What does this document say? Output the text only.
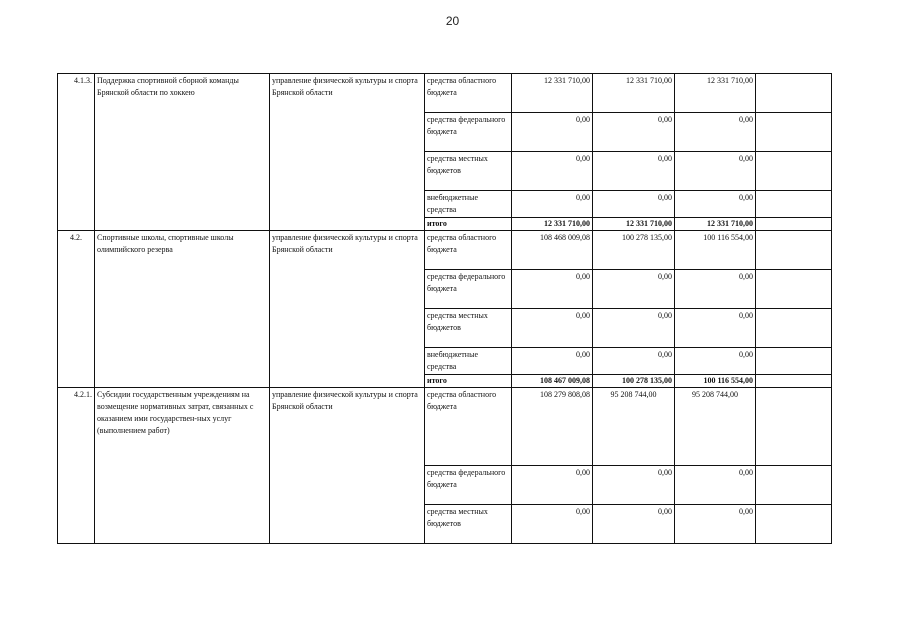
20
4.1.3.	Поддержка спортивной сборной команды Брянской области по хоккею	управление физической культуры и спорта Брянской области	средства областного бюджета	12 331 710,00	12 331 710,00	12 331 710,00	
			средства федерального бюджета	0,00	0,00	0,00	
			средства местных бюджетов	0,00	0,00	0,00	
			внебюджетные средства	0,00	0,00	0,00	
			итого	12 331 710,00	12 331 710,00	12 331 710,00	
4.2.	Спортивные школы, спортивные школы олимпийского резерва	управление физической культуры и спорта Брянской области	средства областного бюджета	108 468 009,08	100 278 135,00	100 116 554,00	
			средства федерального бюджета	0,00	0,00	0,00	
			средства местных бюджетов	0,00	0,00	0,00	
			внебюджетные средства	0,00	0,00	0,00	
			итого	108 467 009,08	100 278 135,00	100 116 554,00	
4.2.1.	Субсидии государственным учреждениям на возмещение нормативных затрат, связанных с оказанием ими государствен-ных услуг (выполнением работ)	управление физической культуры и спорта Брянской области	средства областного бюджета	108 279 808,08	95 208 744,00	95 208 744,00	
			средства федерального бюджета	0,00	0,00	0,00	
			средства местных бюджетов	0,00	0,00	0,00	
